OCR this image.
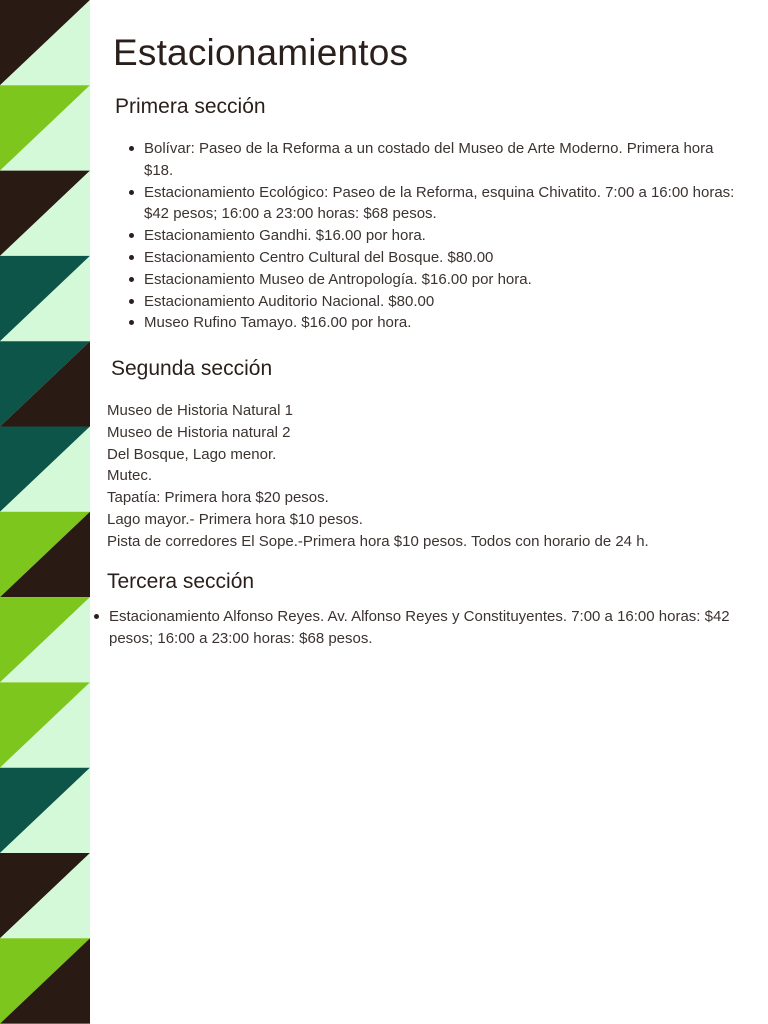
Estacionamientos
Primera sección
Bolívar: Paseo de la Reforma a un costado del Museo de Arte Moderno. Primera hora $18.
Estacionamiento Ecológico: Paseo de la Reforma, esquina Chivatito. 7:00 a 16:00 horas: $42 pesos; 16:00 a 23:00 horas: $68 pesos.
Estacionamiento Gandhi. $16.00 por hora.
Estacionamiento Centro Cultural del Bosque. $80.00
Estacionamiento Museo de Antropología. $16.00 por hora.
Estacionamiento Auditorio Nacional. $80.00
Museo Rufino Tamayo. $16.00 por hora.
Segunda sección
Museo de Historia Natural 1
Museo de Historia natural 2
Del Bosque, Lago menor.
Mutec.
Tapatía: Primera hora $20 pesos.
Lago mayor.- Primera hora $10 pesos.
Pista de corredores El Sope.-Primera hora $10 pesos. Todos con horario de 24 h.
Tercera sección
Estacionamiento Alfonso Reyes. Av. Alfonso Reyes y Constituyentes. 7:00 a 16:00 horas: $42 pesos; 16:00 a 23:00 horas: $68 pesos.
